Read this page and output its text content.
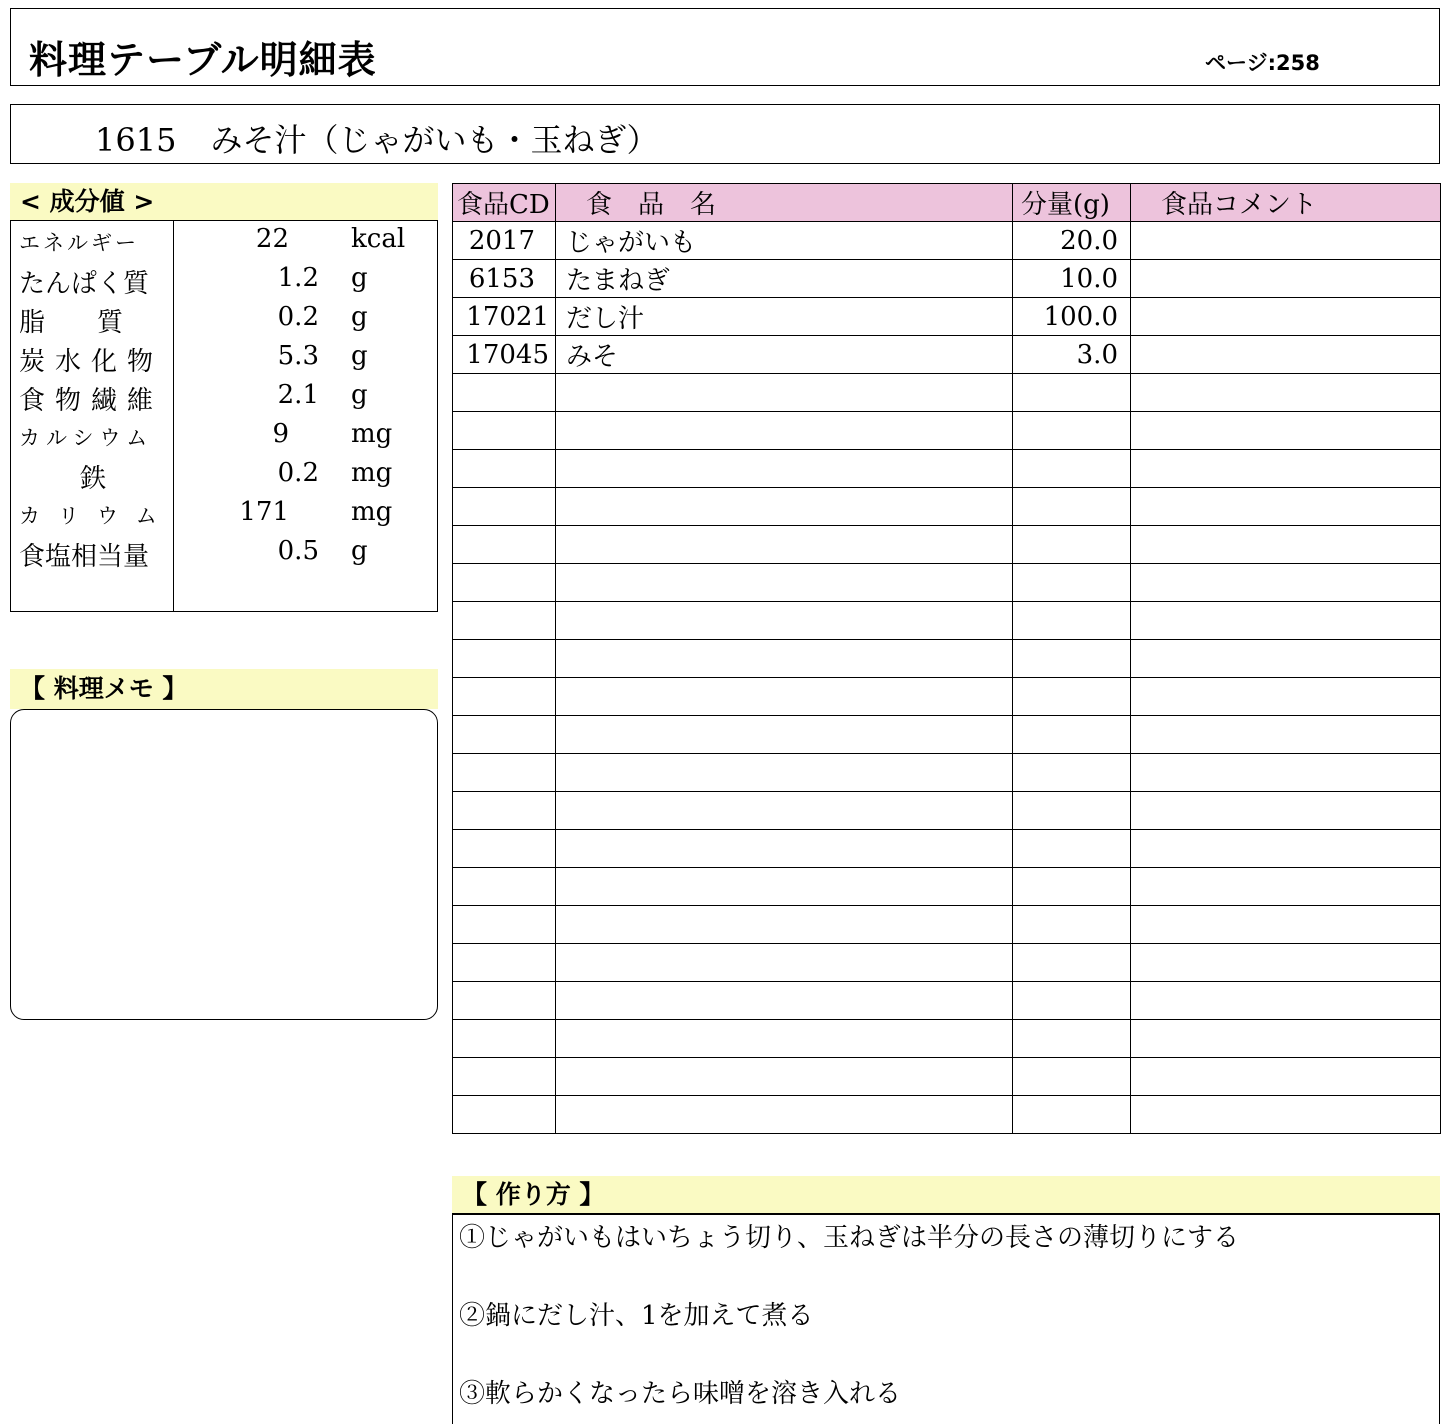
料理テーブル明細表	ページ:258
1615 みそ汁（じゃがいも・玉ねぎ）
< 成分値 >
エネルギー	22 kcal
たんぱく質	1.2 g
脂　　質	0.2 g
炭水化物	5.3 g
食物繊維	2.1 g
カルシウム	9 mg
鉄	0.2 mg
カリウム 171 mg
食塩相当量	0.5 g
【 料理メモ 】
食品CD	食　品　名	分量(g)	食品コメント
2017	じゃがいも	20.0	
6153	たまねぎ	10.0	
17021	だし汁	100.0	
17045	みそ	3.0	

【 作り方 】
①じゃがいもはいちょう切り、玉ねぎは半分の長さの薄切りにする
②鍋にだし汁、1を加えて煮る
③軟らかくなったら味噌を溶き入れる
